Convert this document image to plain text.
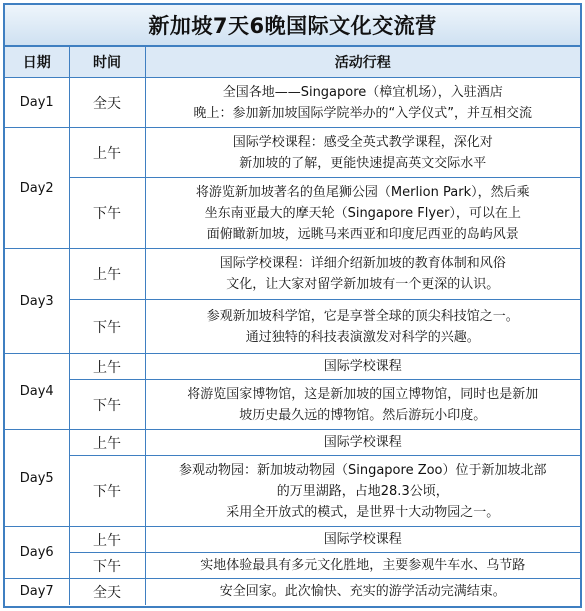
新加坡7天6晚国际文化交流营
日期	时间	活动行程
Day1	全天	全国各地——Singapore（樟宜机场），入驻酒店
晚上：参加新加坡国际学院举办的“入学仪式”，并互相交流

Day2	上午	国际学校课程：感受全英式教学课程，深化对
新加坡的了解，更能快速提高英文交际水平

	下午	将游览新加坡著名的鱼尾狮公园（Merlion Park），然后乘
坐东南亚最大的摩天轮（Singapore Flyer），可以在上
面俯瞰新加坡，远眺马来西亚和印度尼西亚的岛屿风景

Day3	上午	国际学校课程：详细介绍新加坡的教育体制和风俗
文化，让大家对留学新加坡有一个更深的认识。

	下午	参观新加坡科学馆，它是享誉全球的顶尖科技馆之一。
通过独特的科技表演激发对科学的兴趣。

Day4	上午	国际学校课程

	下午	将游览国家博物馆，这是新加坡的国立博物馆，同时也是新加
坡历史最久远的博物馆。然后游玩小印度。

Day5	上午	国际学校课程

	下午	参观动物园：新加坡动物园（Singapore Zoo）位于新加坡北部
的万里湖路，占地28.3公顷，
采用全开放式的模式，是世界十大动物园之一。

Day6	上午	国际学校课程

	下午	实地体验最具有多元文化胜地，主要参观牛车水、乌节路

Day7	全天	安全回家。此次愉快、充实的游学活动完满结束。
